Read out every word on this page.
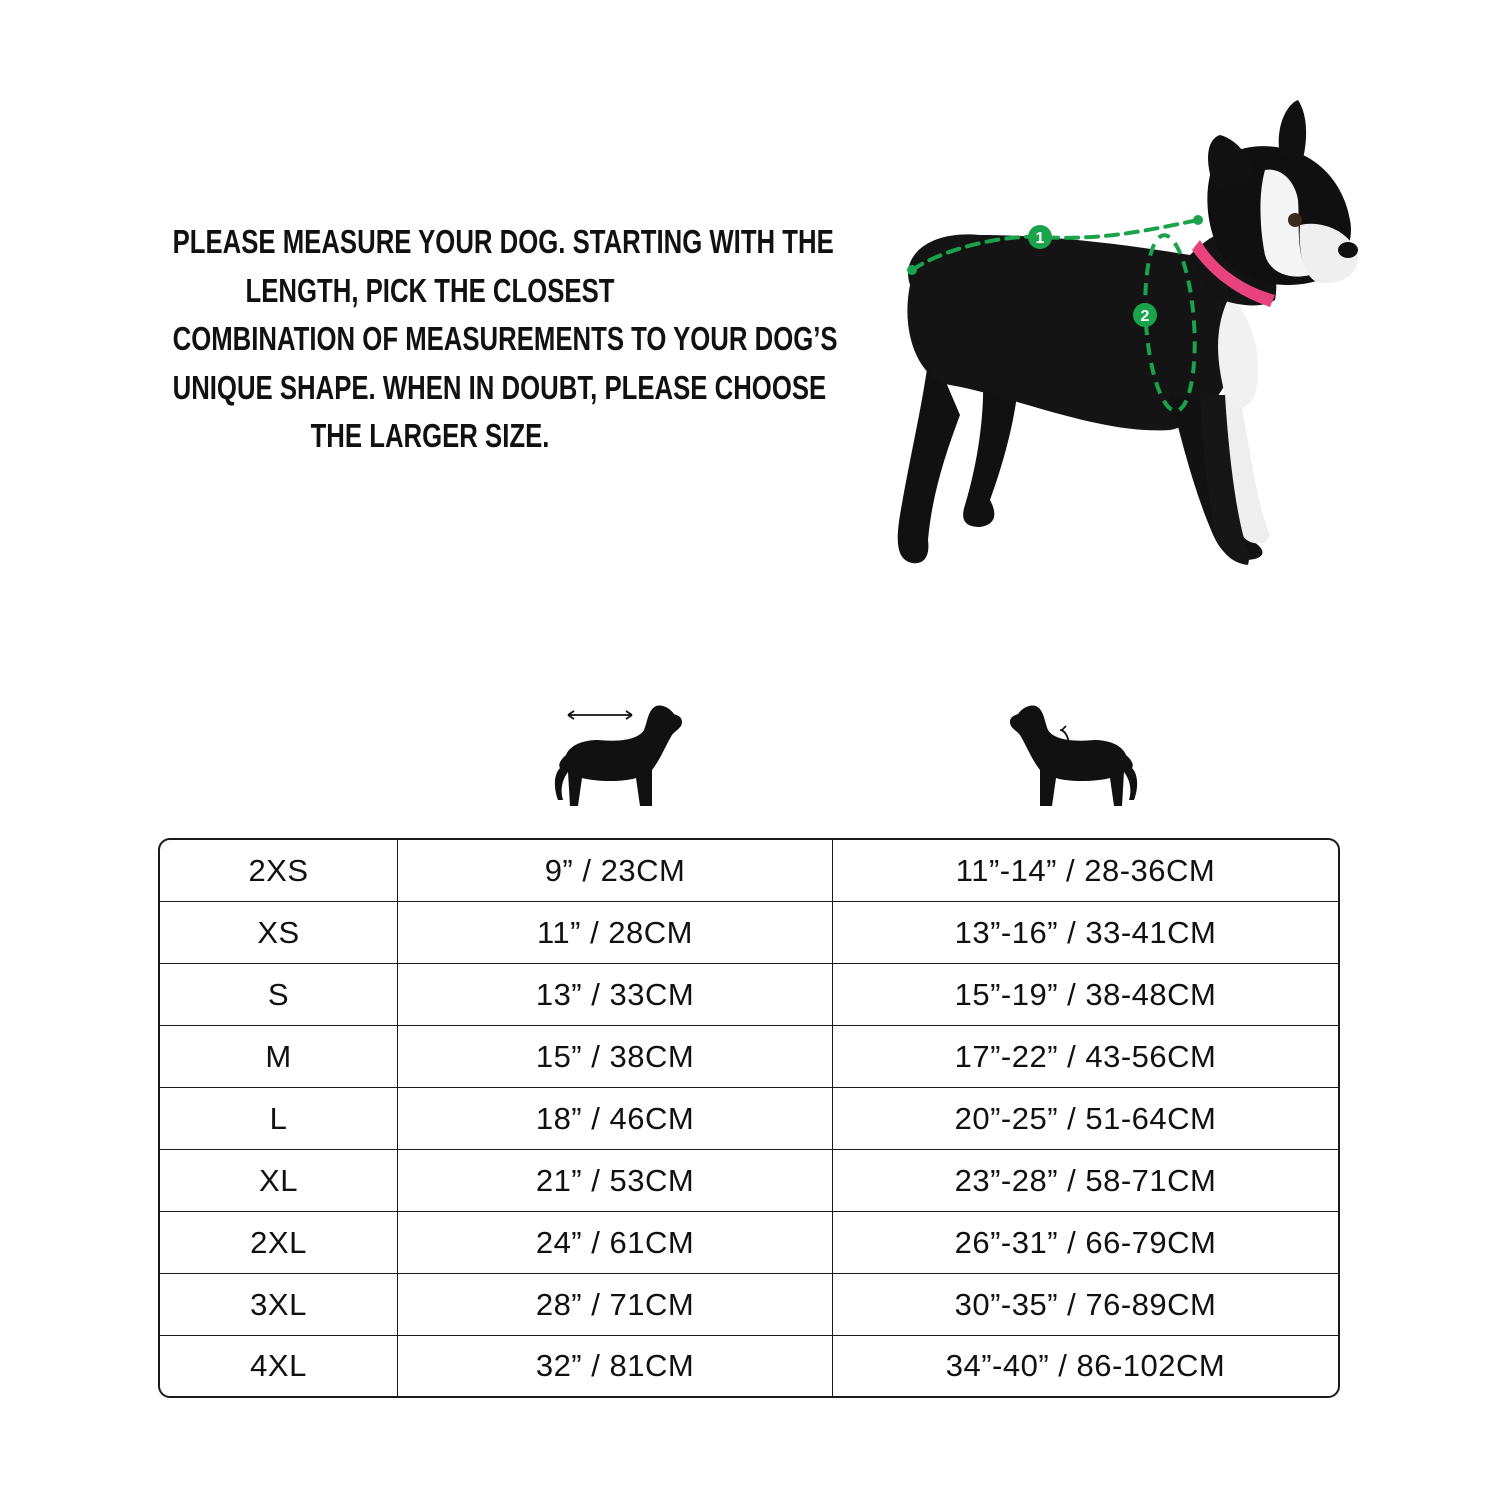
PLEASE MEASURE YOUR DOG. STARTING WITH THE
LENGTH, PICK THE CLOSEST
COMBINATION OF MEASUREMENTS TO YOUR DOG’S
UNIQUE SHAPE. WHEN IN DOUBT, PLEASE CHOOSE
THE LARGER SIZE.
1
2
2XS	9” / 23CM	11”-14” / 28-36CM
XS	11” / 28CM	13”-16” / 33-41CM
S	13” / 33CM	15”-19” / 38-48CM
M	15” / 38CM	17”-22” / 43-56CM
L	18” / 46CM	20”-25” / 51-64CM
XL	21” / 53CM	23”-28” / 58-71CM
2XL	24” / 61CM	26”-31” / 66-79CM
3XL	28” / 71CM	30”-35” / 76-89CM
4XL	32” / 81CM	34”-40” / 86-102CM
